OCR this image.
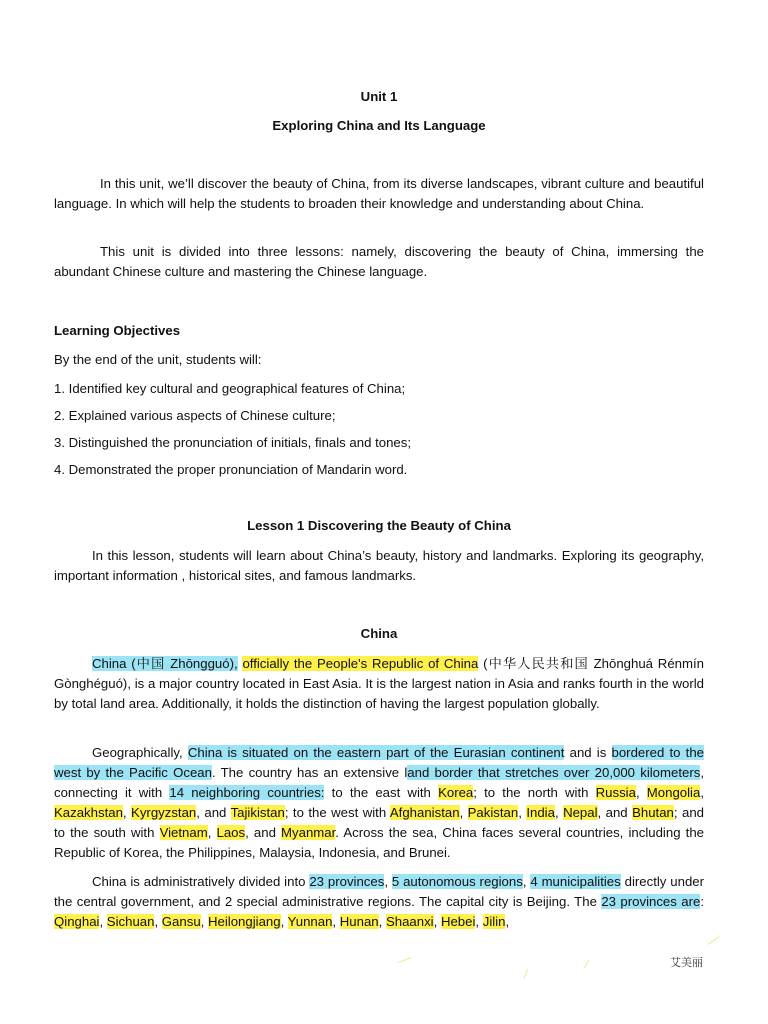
Unit 1
Exploring China and Its Language

In this unit, we’ll discover the beauty of China, from its diverse landscapes, vibrant culture and beautiful language. In which will help the students to broaden their knowledge and understanding about China.

This unit is divided into three lessons: namely, discovering the beauty of China, immersing the abundant Chinese culture and mastering the Chinese language.

Learning Objectives
By the end of the unit, students will:
1. Identified key cultural and geographical features of China;
2. Explained various aspects of Chinese culture;
3. Distinguished the pronunciation of initials, finals and tones;
4. Demonstrated the proper pronunciation of Mandarin word.
Lesson 1 Discovering the Beauty of China

In this lesson, students will learn about China’s beauty, history and landmarks. Exploring its geography, important information , historical sites, and famous landmarks.

China

China (中国 Zhōngguó), officially the People's Republic of China (中华人民共和国 Zhōnghuá Rénmín Gònghéguó), is a major country located in East Asia. It is the largest nation in Asia and ranks fourth in the world by total land area. Additionally, it holds the distinction of having the largest population globally.

Geographically, China is situated on the eastern part of the Eurasian continent and is bordered to the west by the Pacific Ocean. The country has an extensive land border that stretches over 20,000 kilometers, connecting it with 14 neighboring countries: to the east with Korea; to the north with Russia, Mongolia, Kazakhstan, Kyrgyzstan, and Tajikistan; to the west with Afghanistan, Pakistan, India, Nepal, and Bhutan; and to the south with Vietnam, Laos, and Myanmar. Across the sea, China faces several countries, including the Republic of Korea, the Philippines, Malaysia, Indonesia, and Brunei.

China is administratively divided into 23 provinces, 5 autonomous regions, 4 municipalities directly under the central government, and 2 special administrative regions. The capital city is Beijing. The 23 provinces are: Qinghai, Sichuan, Gansu, Heilongjiang, Yunnan, Hunan, Shaanxi, Hebei, Jilin,

艾美丽
